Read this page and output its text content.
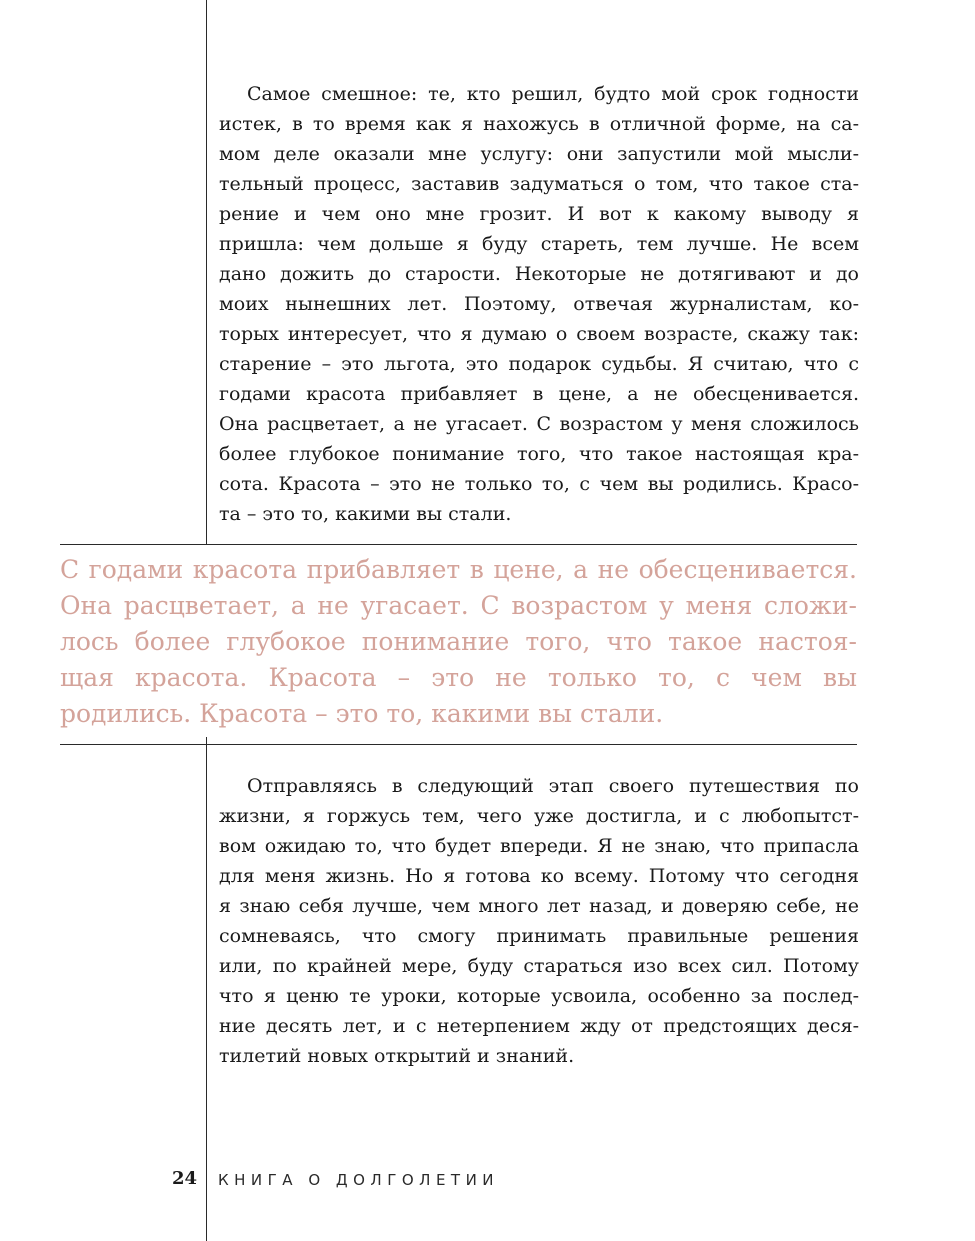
Самое смешное: те, кто решил, будто мой срок годности
истек, в то время как я нахожусь в отличной форме, на са-
мом деле оказали мне услугу: они запустили мой мысли-
тельный процесс, заставив задуматься о том, что такое ста-
рение и чем оно мне грозит. И вот к какому выводу я
пришла: чем дольше я буду стареть, тем лучше. Не всем
дано дожить до старости. Некоторые не дотягивают и до
моих нынешних лет. Поэтому, отвечая журналистам, ко-
торых интересует, что я думаю о своем возрасте, скажу так:
старение – это льгота, это подарок судьбы. Я считаю, что с
годами красота прибавляет в цене, а не обесценивается.
Она расцветает, а не угасает. С возрастом у меня сложилось
более глубокое понимание того, что такое настоящая кра-
сота. Красота – это не только то, с чем вы родились. Красо-
та – это то, какими вы стали.
С годами красота прибавляет в цене, а не обесценивается.
Она расцветает, а не угасает. С возрастом у меня сложи-
лось более глубокое понимание того, что такое настоя-
щая красота. Красота – это не только то, с чем вы
родились. Красота – это то, какими вы стали.
Отправляясь в следующий этап своего путешествия по
жизни, я горжусь тем, чего уже достигла, и с любопытст-
вом ожидаю то, что будет впереди. Я не знаю, что припасла
для меня жизнь. Но я готова ко всему. Потому что сегодня
я знаю себя лучше, чем много лет назад, и доверяю себе, не
сомневаясь, что смогу принимать правильные решения
или, по крайней мере, буду стараться изо всех сил. Потому
что я ценю те уроки, которые усвоила, особенно за послед-
ние десять лет, и с нетерпением жду от предстоящих деся-
тилетий новых открытий и знаний.
24 КНИГА О ДОЛГОЛЕТИИ
